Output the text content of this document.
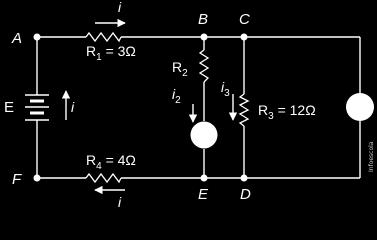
A
B C
F
E D
E
$R_1 = 3\Omega$
$R_4 = 4\Omega$
$R_2$
$R_3 = 12\Omega$
i
i
i
$i_2$
$i_3$
Infoescola
